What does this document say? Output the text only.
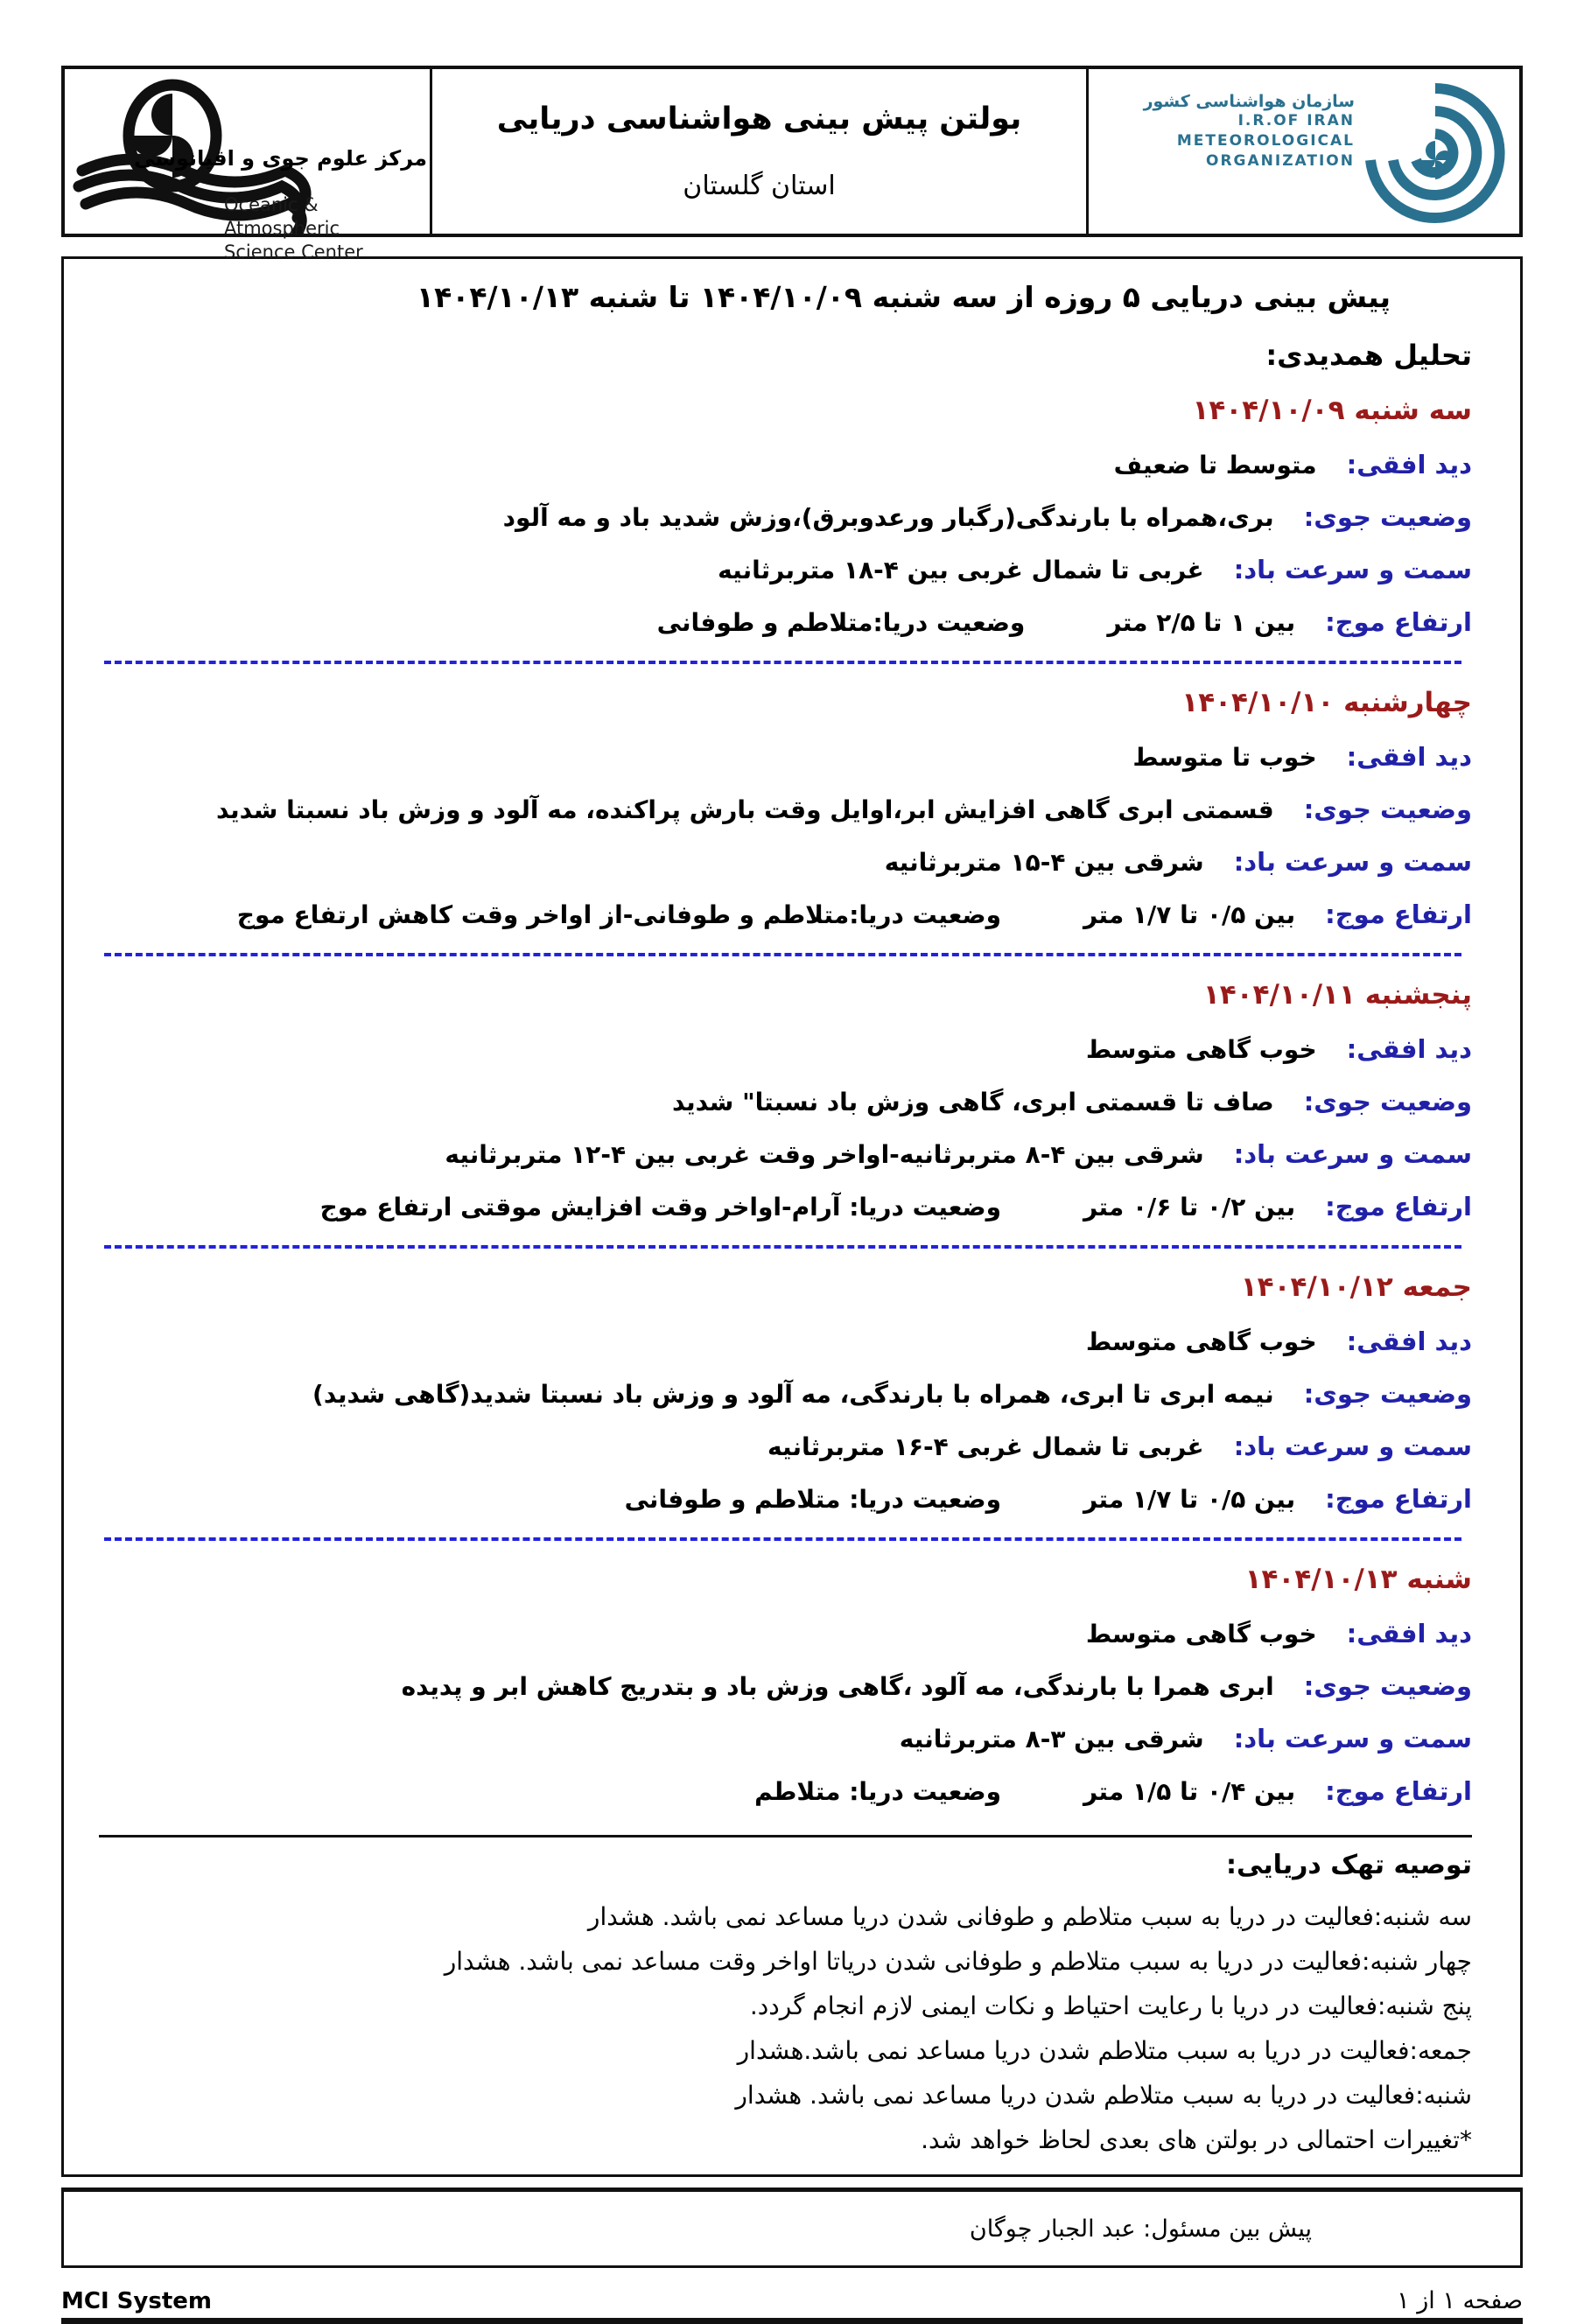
مرکز علوم جوی و اقیانوسی
Oceanic & Atmospheric
Science Center
بولتن پیش بینی هواشناسی دریایی
استان گلستان
سازمان هواشناسی کشور
I.R.OF IRAN
METEOROLOGICAL
ORGANIZATION
پیش بینی دریایی ۵ روزه از سه شنبه ۱۴۰۴/۱۰/۰۹ تا شنبه ۱۴۰۴/۱۰/۱۳
تحلیل همدیدی:
سه شنبه ۱۴۰۴/۱۰/۰۹
دید افقی:
متوسط تا ضعیف
وضعیت جوی:
بری،همراه با بارندگی(رگبار ورعدوبرق)،وزش شدید باد و مه آلود
سمت و سرعت باد:
غربی تا شمال غربی بین ۴-۱۸ متربرثانیه
ارتفاع موج:
بین ۱ تا ۲/۵ متر
وضعیت دریا:متلاطم و طوفانی
چهارشنبه ۱۴۰۴/۱۰/۱۰
دید افقی:
خوب تا متوسط
وضعیت جوی:
قسمتی ابری گاهی افزایش ابر،اوایل وقت بارش پراکنده، مه آلود و وزش باد نسبتا شدید
سمت و سرعت باد:
شرقی بین ۴-۱۵ متربرثانیه
ارتفاع موج:
بین ۰/۵ تا ۱/۷ متر
وضعیت دریا:متلاطم و طوفانی-از اواخر وقت کاهش ارتفاع موج
پنجشنبه ۱۴۰۴/۱۰/۱۱
دید افقی:
خوب گاهی متوسط
وضعیت جوی:
صاف تا قسمتی ابری، گاهی وزش باد نسبتا" شدید
سمت و سرعت باد:
شرقی بین ۴-۸ متربرثانیه-اواخر وقت غربی بین ۴-۱۲ متربرثانیه
ارتفاع موج:
بین ۰/۲ تا ۰/۶ متر
وضعیت دریا: آرام-اواخر وقت افزایش موقتی ارتفاع موج
جمعه ۱۴۰۴/۱۰/۱۲
دید افقی:
خوب گاهی متوسط
وضعیت جوی:
نیمه ابری تا ابری، همراه با بارندگی، مه آلود و وزش باد نسبتا شدید(گاهی شدید)
سمت و سرعت باد:
غربی تا شمال غربی ۴-۱۶ متربرثانیه
ارتفاع موج:
بین ۰/۵ تا ۱/۷ متر
وضعیت دریا: متلاطم و طوفانی
شنبه ۱۴۰۴/۱۰/۱۳
دید افقی:
خوب گاهی متوسط
وضعیت جوی:
ابری همرا با بارندگی، مه آلود ،گاهی وزش باد و بتدریج کاهش ابر و پدیده
سمت و سرعت باد:
شرقی بین ۳-۸ متربرثانیه
ارتفاع موج:
بین ۰/۴ تا ۱/۵ متر
وضعیت دریا: متلاطم
توصیه تهک دریایی:
سه شنبه:فعالیت در دریا به سبب متلاطم و طوفانی شدن دریا مساعد نمی باشد. هشدار
چهار شنبه:فعالیت در دریا به سبب متلاطم و طوفانی شدن دریاتا اواخر وقت مساعد نمی باشد. هشدار
پنج شنبه:فعالیت در دریا با رعایت احتیاط و نکات ایمنی لازم انجام گردد.
جمعه:فعالیت در دریا به سبب متلاطم شدن دریا مساعد نمی باشد.هشدار
شنبه:فعالیت در دریا به سبب متلاطم شدن دریا مساعد نمی باشد. هشدار
*تغییرات احتمالی در بولتن های بعدی لحاظ خواهد شد.
پیش بین مسئول: عبد الجبار چوگان
MCI System	صفحه ۱ از ۱
